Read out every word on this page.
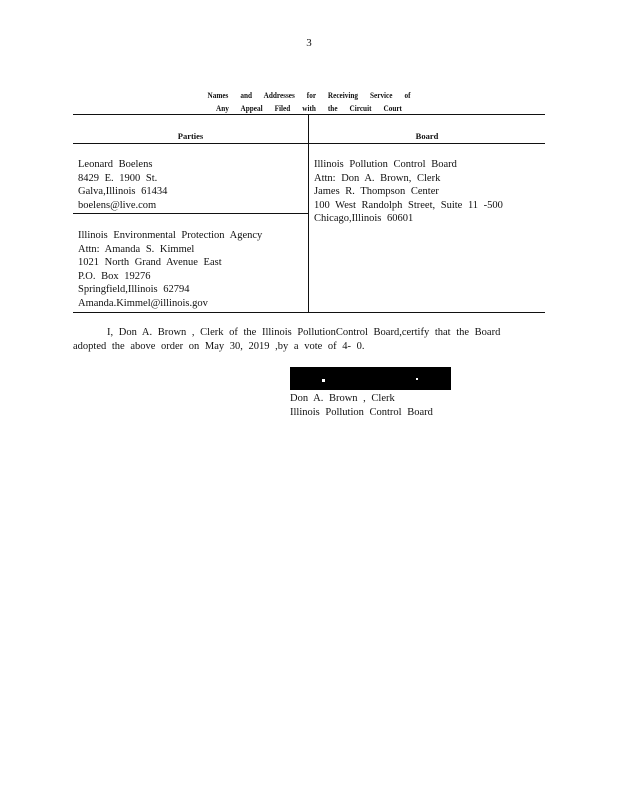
3
Names and Addresses for Receiving Service of
Any Appeal Filed with the Circuit Court
Parties	Board
Leonard Boelens
8429 E. 1900 St.
Galva,Illinois 61434
boelens@live.com
Illinois Environmental Protection Agency
Attn: Amanda S. Kimmel
1021 North Grand Avenue East
P.O. Box 19276
Springfield,Illinois 62794
Amanda.Kimmel@illinois.gov
Illinois Pollution Control Board
Attn: Don A. Brown, Clerk
James R. Thompson Center
100 West Randolph Street, Suite 11 -500
Chicago,Illinois 60601
I, Don A. Brown , Clerk of the Illinois PollutionControl Board,certify that the Board
adopted the above order on May 30, 2019 ,by a vote of 4- 0.
Don A. Brown , Clerk
Illinois Pollution Control Board
